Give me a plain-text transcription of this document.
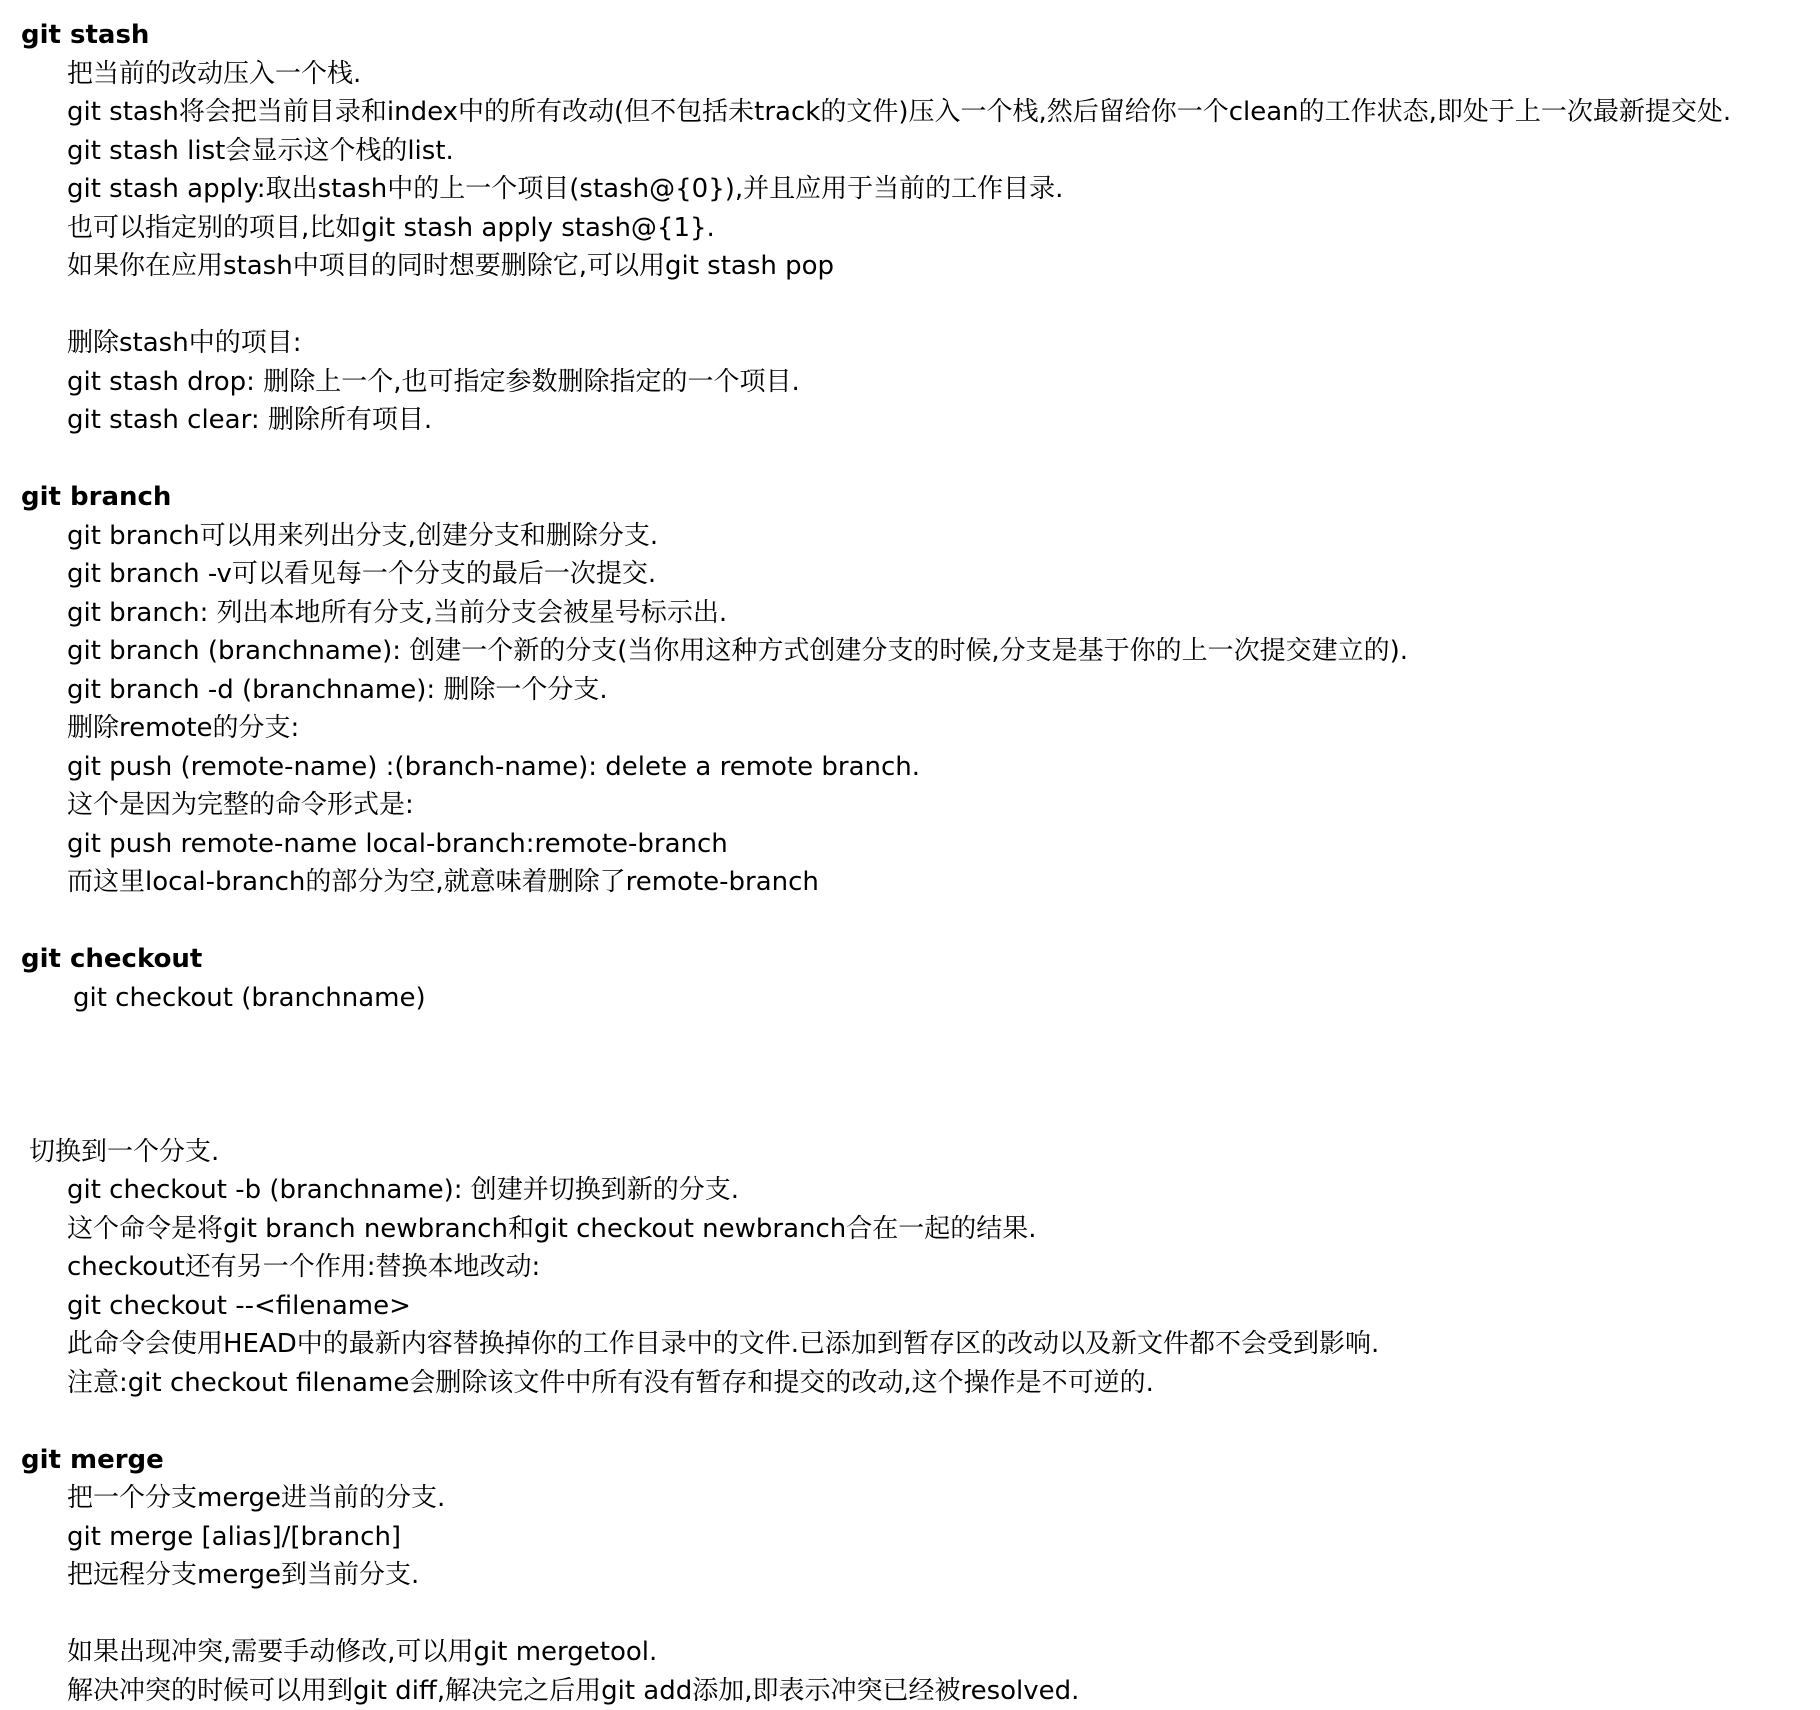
git stash
把当前的改动压入一个栈.
git stash将会把当前目录和index中的所有改动(但不包括未track的文件)压入一个栈,然后留给你一个clean的工作状态,即处于上一次最新提交处.
git stash list会显示这个栈的list.
git stash apply:取出stash中的上一个项目(stash@{0}),并且应用于当前的工作目录.
也可以指定别的项目,比如git stash apply stash@{1}.
如果你在应用stash中项目的同时想要删除它,可以用git stash pop
删除stash中的项目:
git stash drop: 删除上一个,也可指定参数删除指定的一个项目.
git stash clear: 删除所有项目.
git branch
git branch可以用来列出分支,创建分支和删除分支.
git branch -v可以看见每一个分支的最后一次提交.
git branch: 列出本地所有分支,当前分支会被星号标示出.
git branch (branchname): 创建一个新的分支(当你用这种方式创建分支的时候,分支是基于你的上一次提交建立的).
git branch -d (branchname): 删除一个分支.
删除remote的分支:
git push (remote-name) :(branch-name): delete a remote branch.
这个是因为完整的命令形式是:
git push remote-name local-branch:remote-branch
而这里local-branch的部分为空,就意味着删除了remote-branch
git checkout
git checkout (branchname)
切换到一个分支.
git checkout -b (branchname): 创建并切换到新的分支.
这个命令是将git branch newbranch和git checkout newbranch合在一起的结果.
checkout还有另一个作用:替换本地改动:
git checkout --<filename>
此命令会使用HEAD中的最新内容替换掉你的工作目录中的文件.已添加到暂存区的改动以及新文件都不会受到影响.
注意:git checkout filename会删除该文件中所有没有暂存和提交的改动,这个操作是不可逆的.
git merge
把一个分支merge进当前的分支.
git merge [alias]/[branch]
把远程分支merge到当前分支.
如果出现冲突,需要手动修改,可以用git mergetool.
解决冲突的时候可以用到git diff,解决完之后用git add添加,即表示冲突已经被resolved.
